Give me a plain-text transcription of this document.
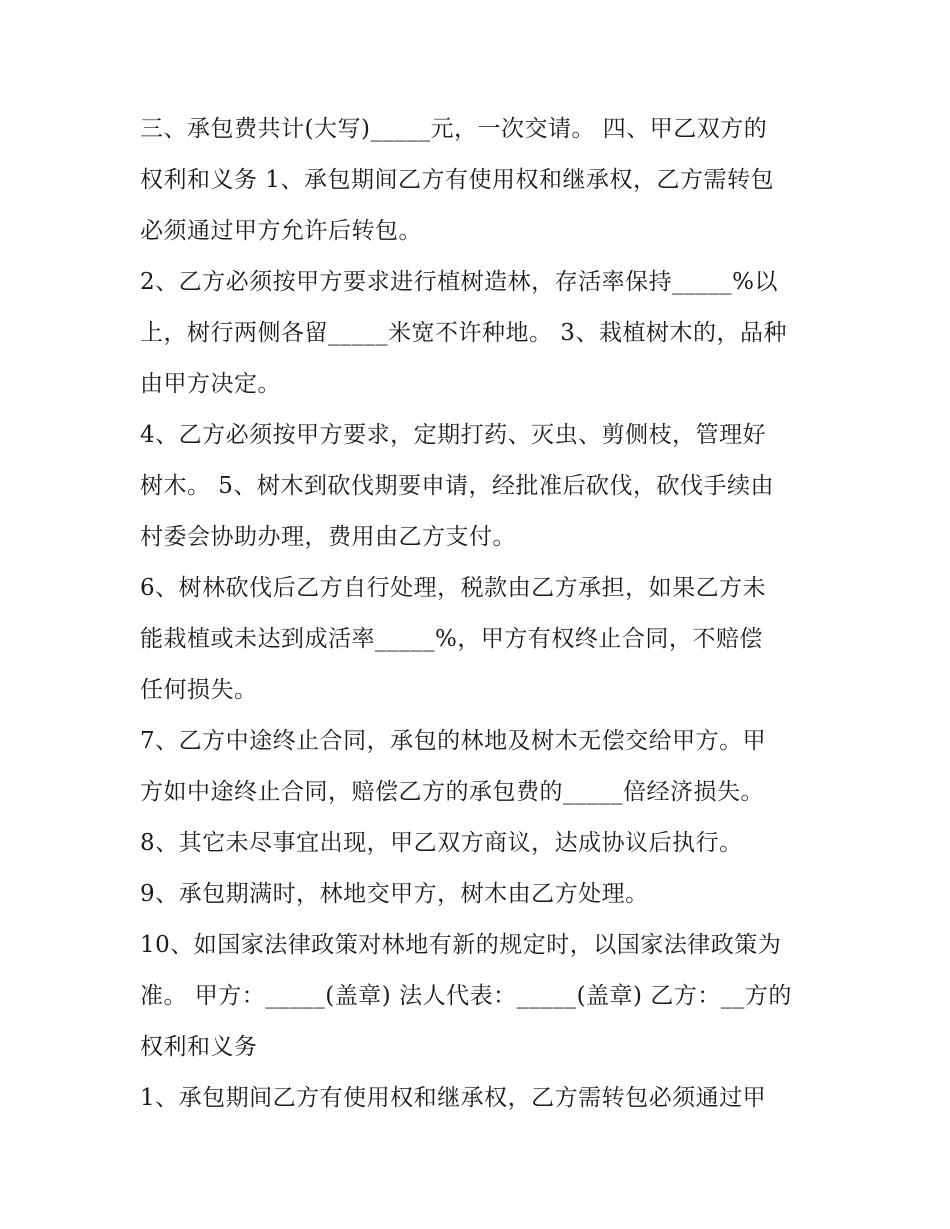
三、承包费共计(大写)_____元，一次交请。 四、甲乙双方的
权利和义务 1、承包期间乙方有使用权和继承权，乙方需转包
必须通过甲方允许后转包。
2、乙方必须按甲方要求进行植树造林，存活率保持_____%以
上，树行两侧各留_____米宽不许种地。 3、栽植树木的，品种
由甲方决定。
4、乙方必须按甲方要求，定期打药、灭虫、剪侧枝，管理好
树木。 5、树木到砍伐期要申请，经批准后砍伐，砍伐手续由
村委会协助办理，费用由乙方支付。
6、树林砍伐后乙方自行处理，税款由乙方承担，如果乙方未
能栽植或未达到成活率_____%，甲方有权终止合同，不赔偿
任何损失。
7、乙方中途终止合同，承包的林地及树木无偿交给甲方。甲
方如中途终止合同，赔偿乙方的承包费的_____倍经济损失。
8、其它未尽事宜出现，甲乙双方商议，达成协议后执行。
9、承包期满时，林地交甲方，树木由乙方处理。
10、如国家法律政策对林地有新的规定时，以国家法律政策为
准。 甲方：_____(盖章) 法人代表：_____(盖章) 乙方：__方的
权利和义务
1、承包期间乙方有使用权和继承权，乙方需转包必须通过甲
